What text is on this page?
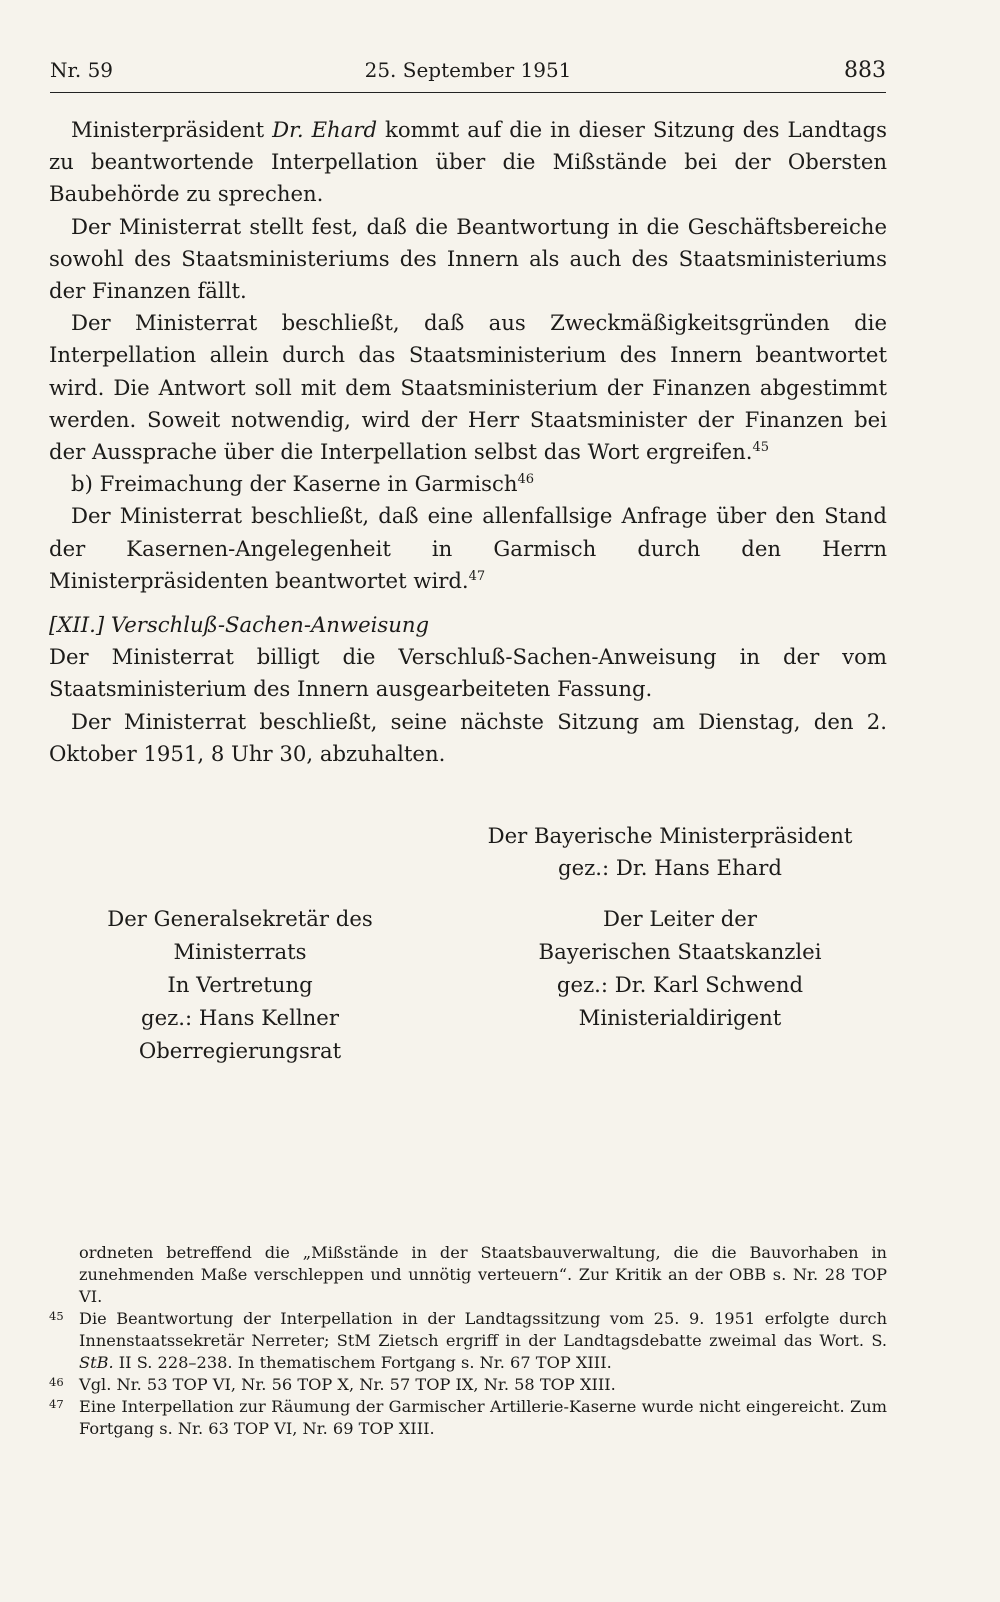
Nr. 59	25. September 1951	883

Ministerpräsident Dr. Ehard kommt auf die in dieser Sitzung des Landtags zu beantwortende Interpellation über die Mißstände bei der Obersten Baubehörde zu sprechen.

Der Ministerrat stellt fest, daß die Beantwortung in die Geschäftsbereiche sowohl des Staatsministeriums des Innern als auch des Staatsministeriums der Finanzen fällt.

Der Ministerrat beschließt, daß aus Zweckmäßigkeitsgründen die Interpellation allein durch das Staatsministerium des Innern beantwortet wird. Die Antwort soll mit dem Staatsministerium der Finanzen abgestimmt werden. Soweit notwendig, wird der Herr Staatsminister der Finanzen bei der Aussprache über die Interpellation selbst das Wort ergreifen.$^{45}$

b) Freimachung der Kaserne in Garmisch$^{46}$

Der Ministerrat beschließt, daß eine allenfallsige Anfrage über den Stand der Kasernen-Angelegenheit in Garmisch durch den Herrn Ministerpräsidenten beantwortet wird.$^{47}$

[XII.] Verschluß-Sachen-Anweisung

Der Ministerrat billigt die Verschluß-Sachen-Anweisung in der vom Staatsministerium des Innern ausgearbeiteten Fassung.

Der Ministerrat beschließt, seine nächste Sitzung am Dienstag, den 2. Oktober 1951, 8 Uhr 30, abzuhalten.

Der Bayerische Ministerpräsident
gez.: Dr. Hans Ehard
Der Generalsekretär des
Ministerrats
In Vertretung
gez.: Hans Kellner
Oberregierungsrat
Der Leiter der
Bayerischen Staatskanzlei
gez.: Dr. Karl Schwend
Ministerialdirigent
ordneten betreffend die „Mißstände in der Staatsbauverwaltung, die die Bauvorhaben in zunehmenden Maße verschleppen und unnötig verteuern“. Zur Kritik an der OBB s. Nr. 28 TOP VI.
45 Die Beantwortung der Interpellation in der Landtagssitzung vom 25. 9. 1951 erfolgte durch Innenstaatssekretär Nerreter; StM Zietsch ergriff in der Landtagsdebatte zweimal das Wort. S. StB. II S. 228–238. In thematischem Fortgang s. Nr. 67 TOP XIII.
46 Vgl. Nr. 53 TOP VI, Nr. 56 TOP X, Nr. 57 TOP IX, Nr. 58 TOP XIII.
47 Eine Interpellation zur Räumung der Garmischer Artillerie-Kaserne wurde nicht eingereicht. Zum Fortgang s. Nr. 63 TOP VI, Nr. 69 TOP XIII.
